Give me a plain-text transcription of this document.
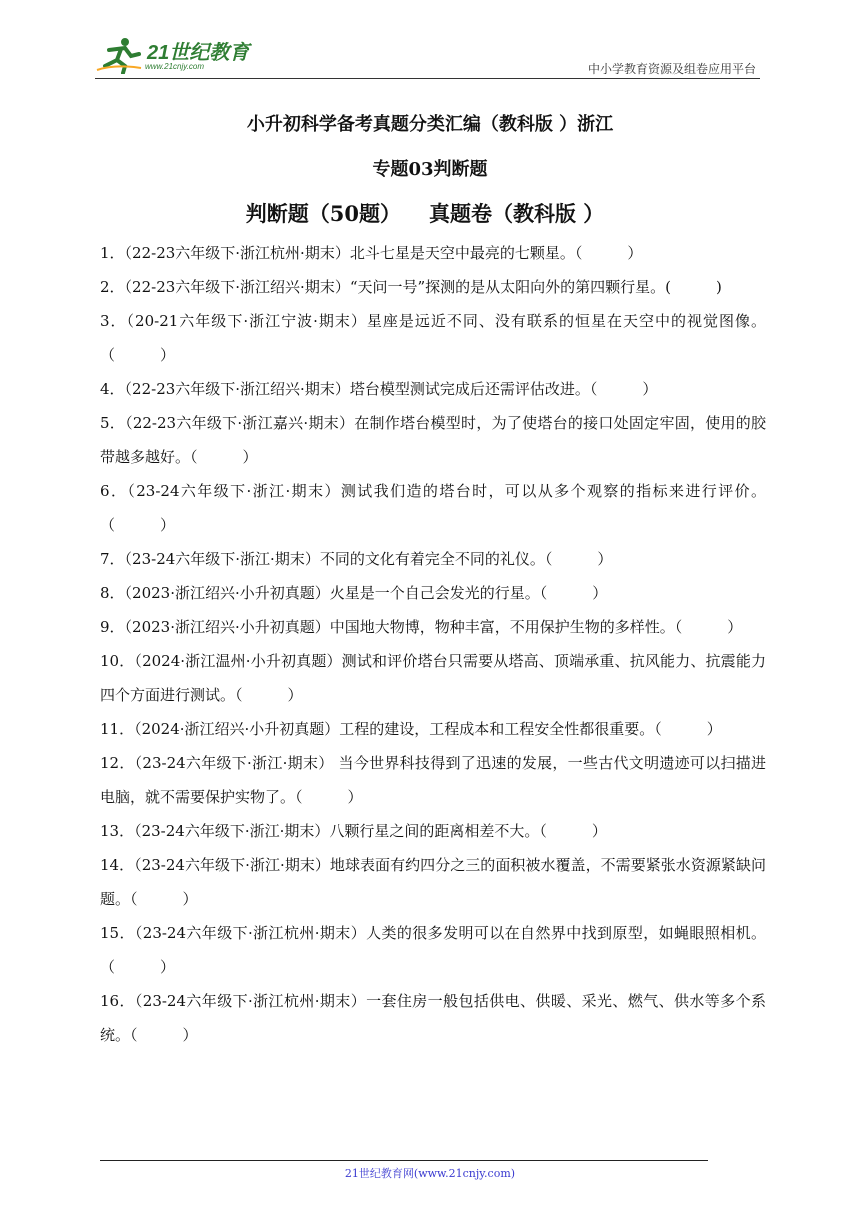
21世纪教育
www.21cnjy.com	中小学教育资源及组卷应用平台
小升初科学备考真题分类汇编（教科版 ）浙江
专题03判断题
判断题（50题） 真题卷（教科版 ）

1．（22-23六年级下·浙江杭州·期末）北斗七星是天空中最亮的七颗星。（　　　）

2．（22-23六年级下·浙江绍兴·期末）“天问一号”探测的是从太阳向外的第四颗行星。(　　　)

3．（20-21六年级下·浙江宁波·期末）星座是远近不同、没有联系的恒星在天空中的视觉图像。（　　　）

4．（22-23六年级下·浙江绍兴·期末）塔台模型测试完成后还需评估改进。（　　　）

5．（22-23六年级下·浙江嘉兴·期末）在制作塔台模型时，为了使塔台的接口处固定牢固，使用的胶带越多越好。（　　　）

6．（23-24六年级下·浙江·期末）测试我们造的塔台时，可以从多个观察的指标来进行评价。（　　　）

7．（23-24六年级下·浙江·期末）不同的文化有着完全不同的礼仪。（　　　）

8．（2023·浙江绍兴·小升初真题）火星是一个自己会发光的行星。（　　　）

9．（2023·浙江绍兴·小升初真题）中国地大物博，物种丰富，不用保护生物的多样性。（　　　）

10．（2024·浙江温州·小升初真题）测试和评价塔台只需要从塔高、顶端承重、抗风能力、抗震能力四个方面进行测试。（　　　）

11．（2024·浙江绍兴·小升初真题）工程的建设，工程成本和工程安全性都很重要。（　　　）

12．（23-24六年级下·浙江·期末） 当今世界科技得到了迅速的发展，一些古代文明遗迹可以扫描进电脑，就不需要保护实物了。（　　　）

13．（23-24六年级下·浙江·期末）八颗行星之间的距离相差不大。（　　　）

14．（23-24六年级下·浙江·期末）地球表面有约四分之三的面积被水覆盖，不需要紧张水资源紧缺问题。（　　　）

15．（23-24六年级下·浙江杭州·期末）人类的很多发明可以在自然界中找到原型，如蝇眼照相机。（　　　）

16．（23-24六年级下·浙江杭州·期末）一套住房一般包括供电、供暖、采光、燃气、供水等多个系统。（　　　）

21世纪教育网(www.21cnjy.com)
